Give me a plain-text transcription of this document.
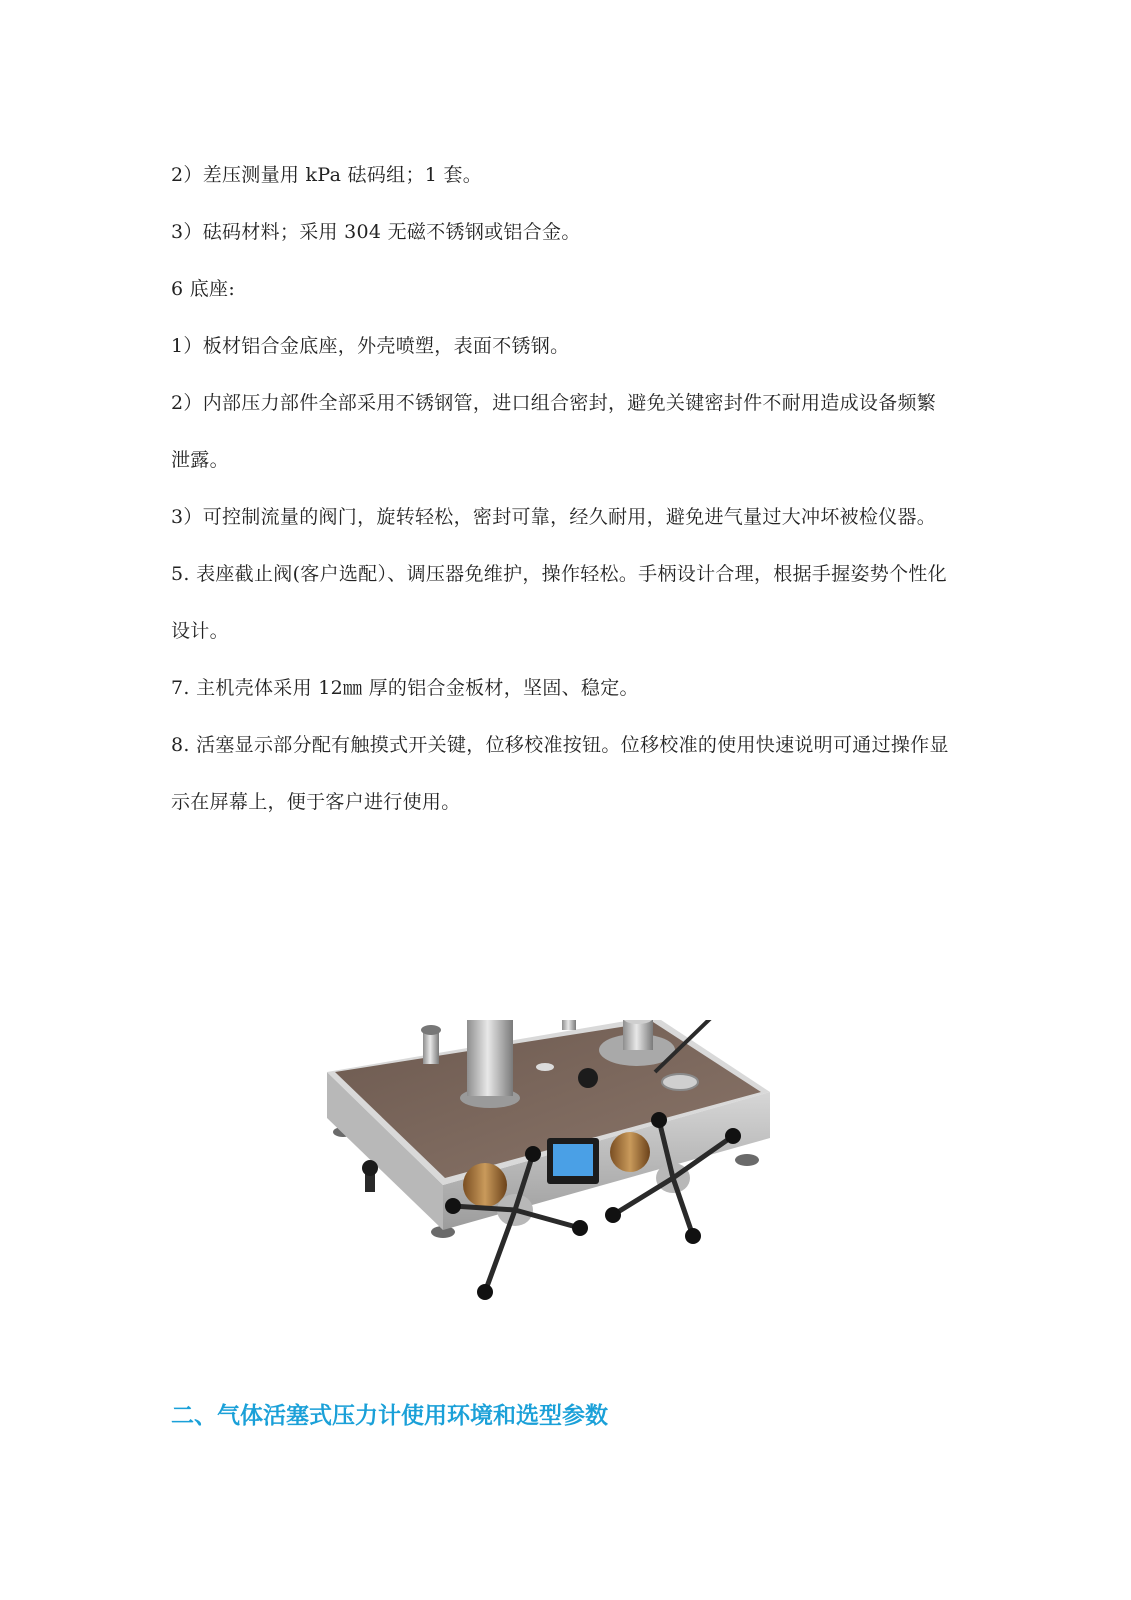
2）差压测量用 kPa 砝码组；1 套。
3）砝码材料；采用 304 无磁不锈钢或铝合金。
6 底座:
1）板材铝合金底座，外壳喷塑，表面不锈钢。
2）内部压力部件全部采用不锈钢管，进口组合密封，避免关键密封件不耐用造成设备频繁
泄露。
3）可控制流量的阀门，旋转轻松，密封可靠，经久耐用，避免进气量过大冲坏被检仪器。
5. 表座截止阀(客户选配）、调压器免维护，操作轻松。手柄设计合理，根据手握姿势个性化
设计。
7. 主机壳体采用 12㎜ 厚的铝合金板材，坚固、稳定。
8. 活塞显示部分配有触摸式开关键，位移校准按钮。位移校准的使用快速说明可通过操作显
示在屏幕上，便于客户进行使用。
二、气体活塞式压力计使用环境和选型参数
